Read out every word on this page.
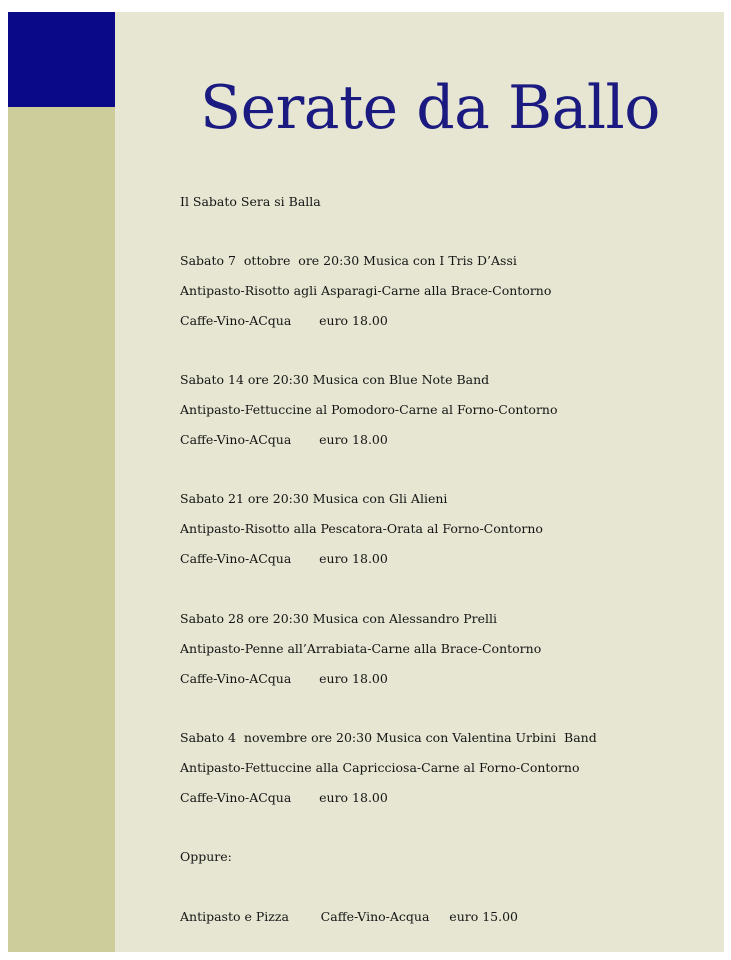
Serate da Ballo

Il Sabato Sera si Balla

Sabato 7  ottobre  ore 20:30 Musica con I Tris D’Assi

Antipasto-Risotto agli Asparagi-Carne alla Brace-Contorno

Caffe-Vino-ACqua       euro 18.00

Sabato 14 ore 20:30 Musica con Blue Note Band

Antipasto-Fettuccine al Pomodoro-Carne al Forno-Contorno

Caffe-Vino-ACqua       euro 18.00

Sabato 21 ore 20:30 Musica con Gli Alieni

Antipasto-Risotto alla Pescatora-Orata al Forno-Contorno

Caffe-Vino-ACqua       euro 18.00

Sabato 28 ore 20:30 Musica con Alessandro Prelli

Antipasto-Penne all’Arrabiata-Carne alla Brace-Contorno

Caffe-Vino-ACqua       euro 18.00

Sabato 4  novembre ore 20:30 Musica con Valentina Urbini  Band

Antipasto-Fettuccine alla Capricciosa-Carne al Forno-Contorno

Caffe-Vino-ACqua       euro 18.00

Oppure:

Antipasto e Pizza        Caffe-Vino-Acqua     euro 15.00
